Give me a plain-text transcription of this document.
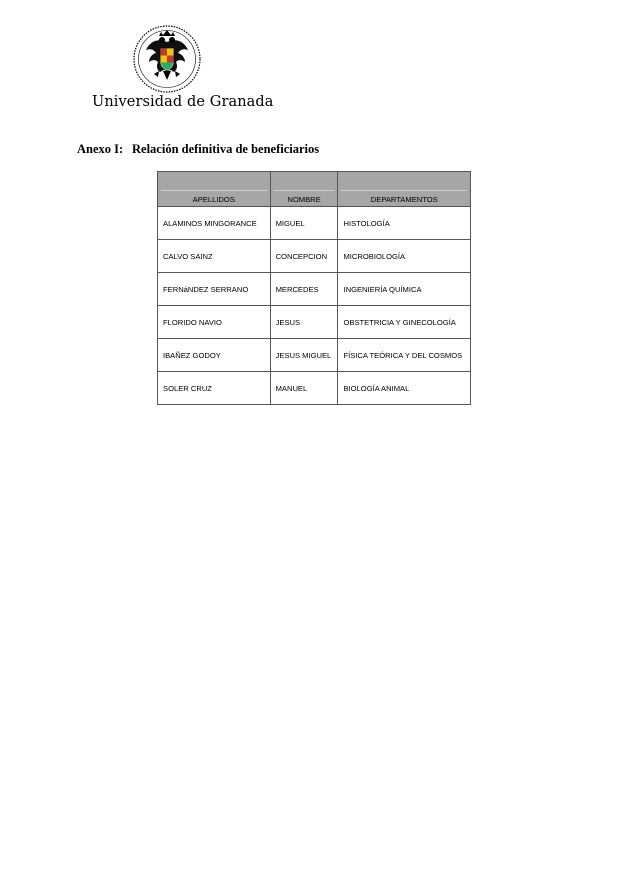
Universidad de Granada
Anexo I: Relación definitiva de beneficiarios
APELLIDOS	NOMBRE	DEPARTAMENTOS
ALAMINOS MINGORANCE	MIGUEL	HISTOLOGÍA
CALVO SAINZ	CONCEPCION	MICROBIOLOGÍA
FERNáNDEZ SERRANO	MERCEDES	INGENIERÍA QUÍMICA
FLORIDO NAVIO	JESUS	OBSTETRICIA Y GINECOLOGÍA
IBAÑEZ GODOY	JESUS MIGUEL	FÍSICA TEÓRICA Y DEL COSMOS
SOLER CRUZ	MANUEL	BIOLOGÍA ANIMAL
